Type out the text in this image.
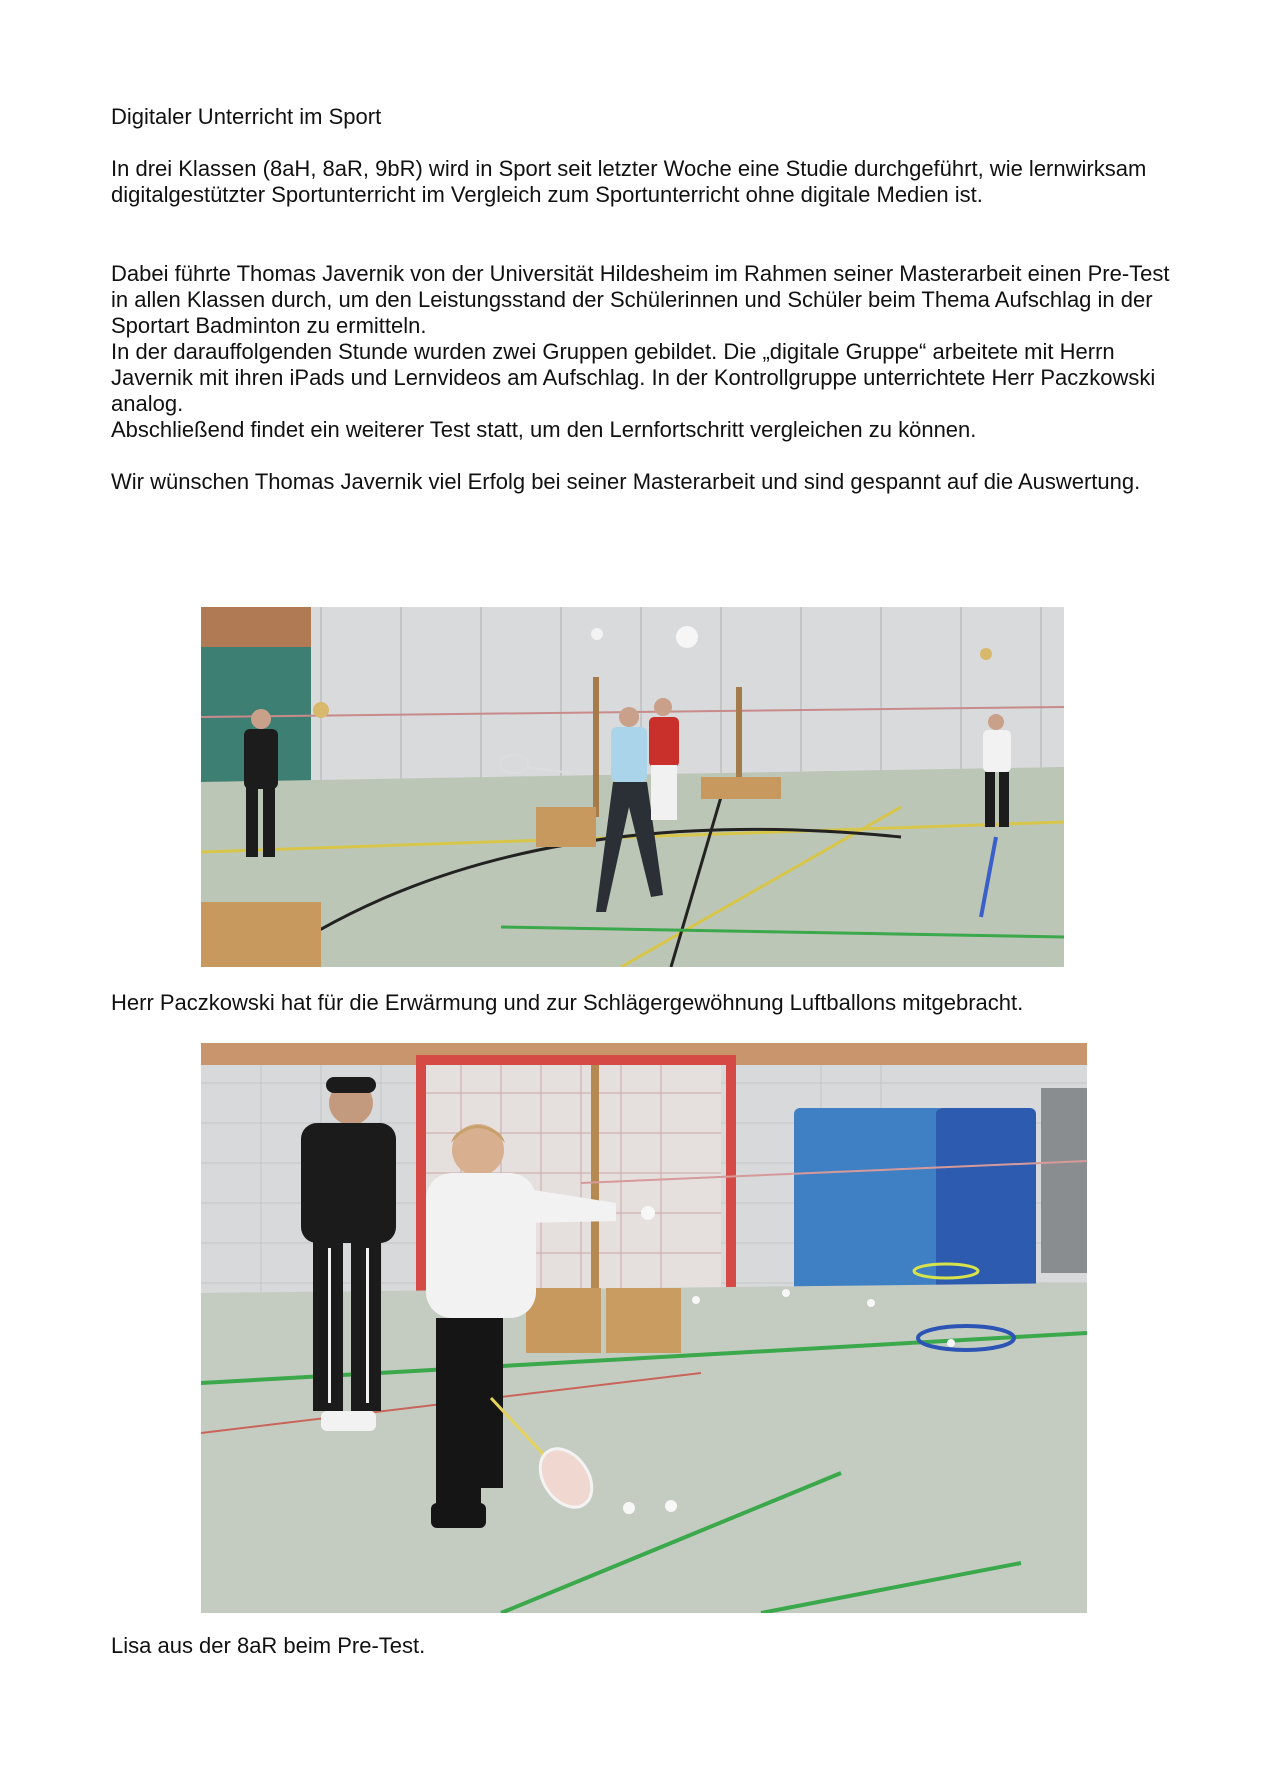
Digitaler Unterricht im Sport

In drei Klassen (8aH, 8aR, 9bR) wird in Sport seit letzter Woche eine Studie durchgeführt, wie lernwirksam digitalgestützter Sportunterricht im Vergleich zum Sportunterricht ohne digitale Medien ist.

Dabei führte Thomas Javernik von der Universität Hildesheim im Rahmen seiner Masterarbeit einen Pre-Test in allen Klassen durch, um den Leistungsstand der Schülerinnen und Schüler beim Thema Aufschlag in der Sportart Badminton zu ermitteln.

In der darauffolgenden Stunde wurden zwei Gruppen gebildet. Die „digitale Gruppe“ arbeitete mit Herrn Javernik mit ihren iPads und Lernvideos am Aufschlag. In der Kontrollgruppe unterrichtete Herr Paczkowski analog.

Abschließend findet ein weiterer Test statt, um den Lernfortschritt vergleichen zu können.

Wir wünschen Thomas Javernik viel Erfolg bei seiner Masterarbeit und sind gespannt auf die Auswertung.

Herr Paczkowski hat für die Erwärmung und zur Schlägergewöhnung Luftballons mitgebracht.

Lisa aus der 8aR beim Pre-Test.
